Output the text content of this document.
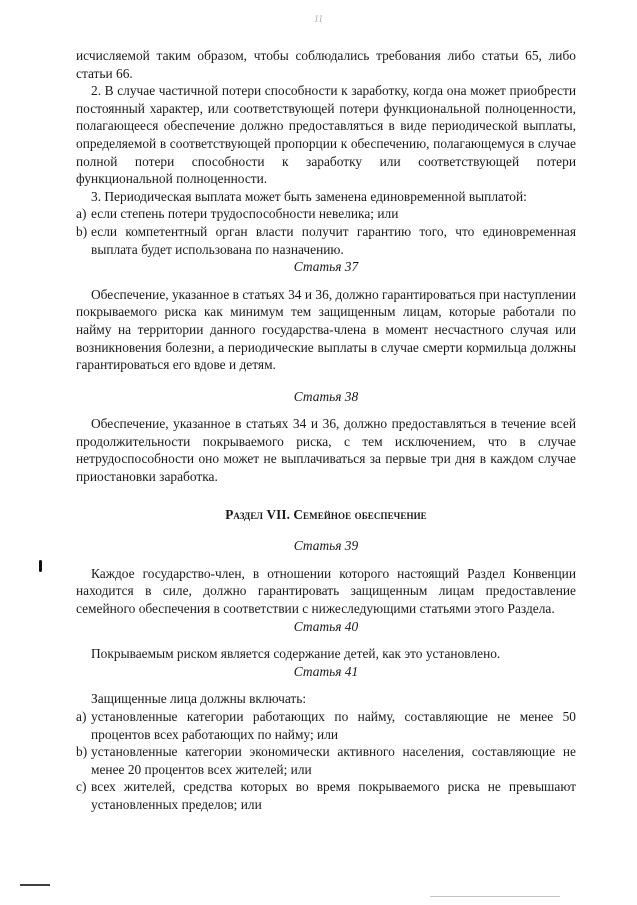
11

исчисляемой таким образом, чтобы соблюдались требования либо статьи 65, либо статьи 66.

2. В случае частичной потери способности к заработку, когда она может приобрести постоянный характер, или соответствующей потери функциональной полноценности, полагающееся обеспечение должно предоставляться в виде периодической выплаты, определяемой в соответствующей пропорции к обеспечению, полагающемуся в случае полной потери способности к заработку или соответствующей потери функциональной полноценности.

3. Периодическая выплата может быть заменена единовременной выплатой:

а) если степень потери трудоспособности невелика; или
b) если компетентный орган власти получит гарантию того, что единовременная выплата будет использована по назначению.

Статья 37

Обеспечение, указанное в статьях 34 и 36, должно гарантироваться при наступлении покрываемого риска как минимум тем защищенным лицам, которые работали по найму на территории данного государства-члена в момент несчастного случая или возникновения болезни, а периодические выплаты в случае смерти кормильца должны гарантироваться его вдове и детям.

Статья 38

Обеспечение, указанное в статьях 34 и 36, должно предоставляться в течение всей продолжительности покрываемого риска, с тем исключением, что в случае нетрудоспособности оно может не выплачиваться за первые три дня в каждом случае приостановки заработка.

Раздел VII. Семейное обеспечение

Статья 39

Каждое государство-член, в отношении которого настоящий Раздел Конвенции находится в силе, должно гарантировать защищенным лицам предоставление семейного обеспечения в соответствии с нижеследующими статьями этого Раздела.

Статья 40

Покрываемым риском является содержание детей, как это установлено.

Статья 41

Защищенные лица должны включать:

а) установленные категории работающих по найму, составляющие не менее 50 процентов всех работающих по найму; или
b) установленные категории экономически активного населения, составляющие не менее 20 процентов всех жителей; или
с) всех жителей, средства которых во время покрываемого риска не превышают установленных пределов; или
